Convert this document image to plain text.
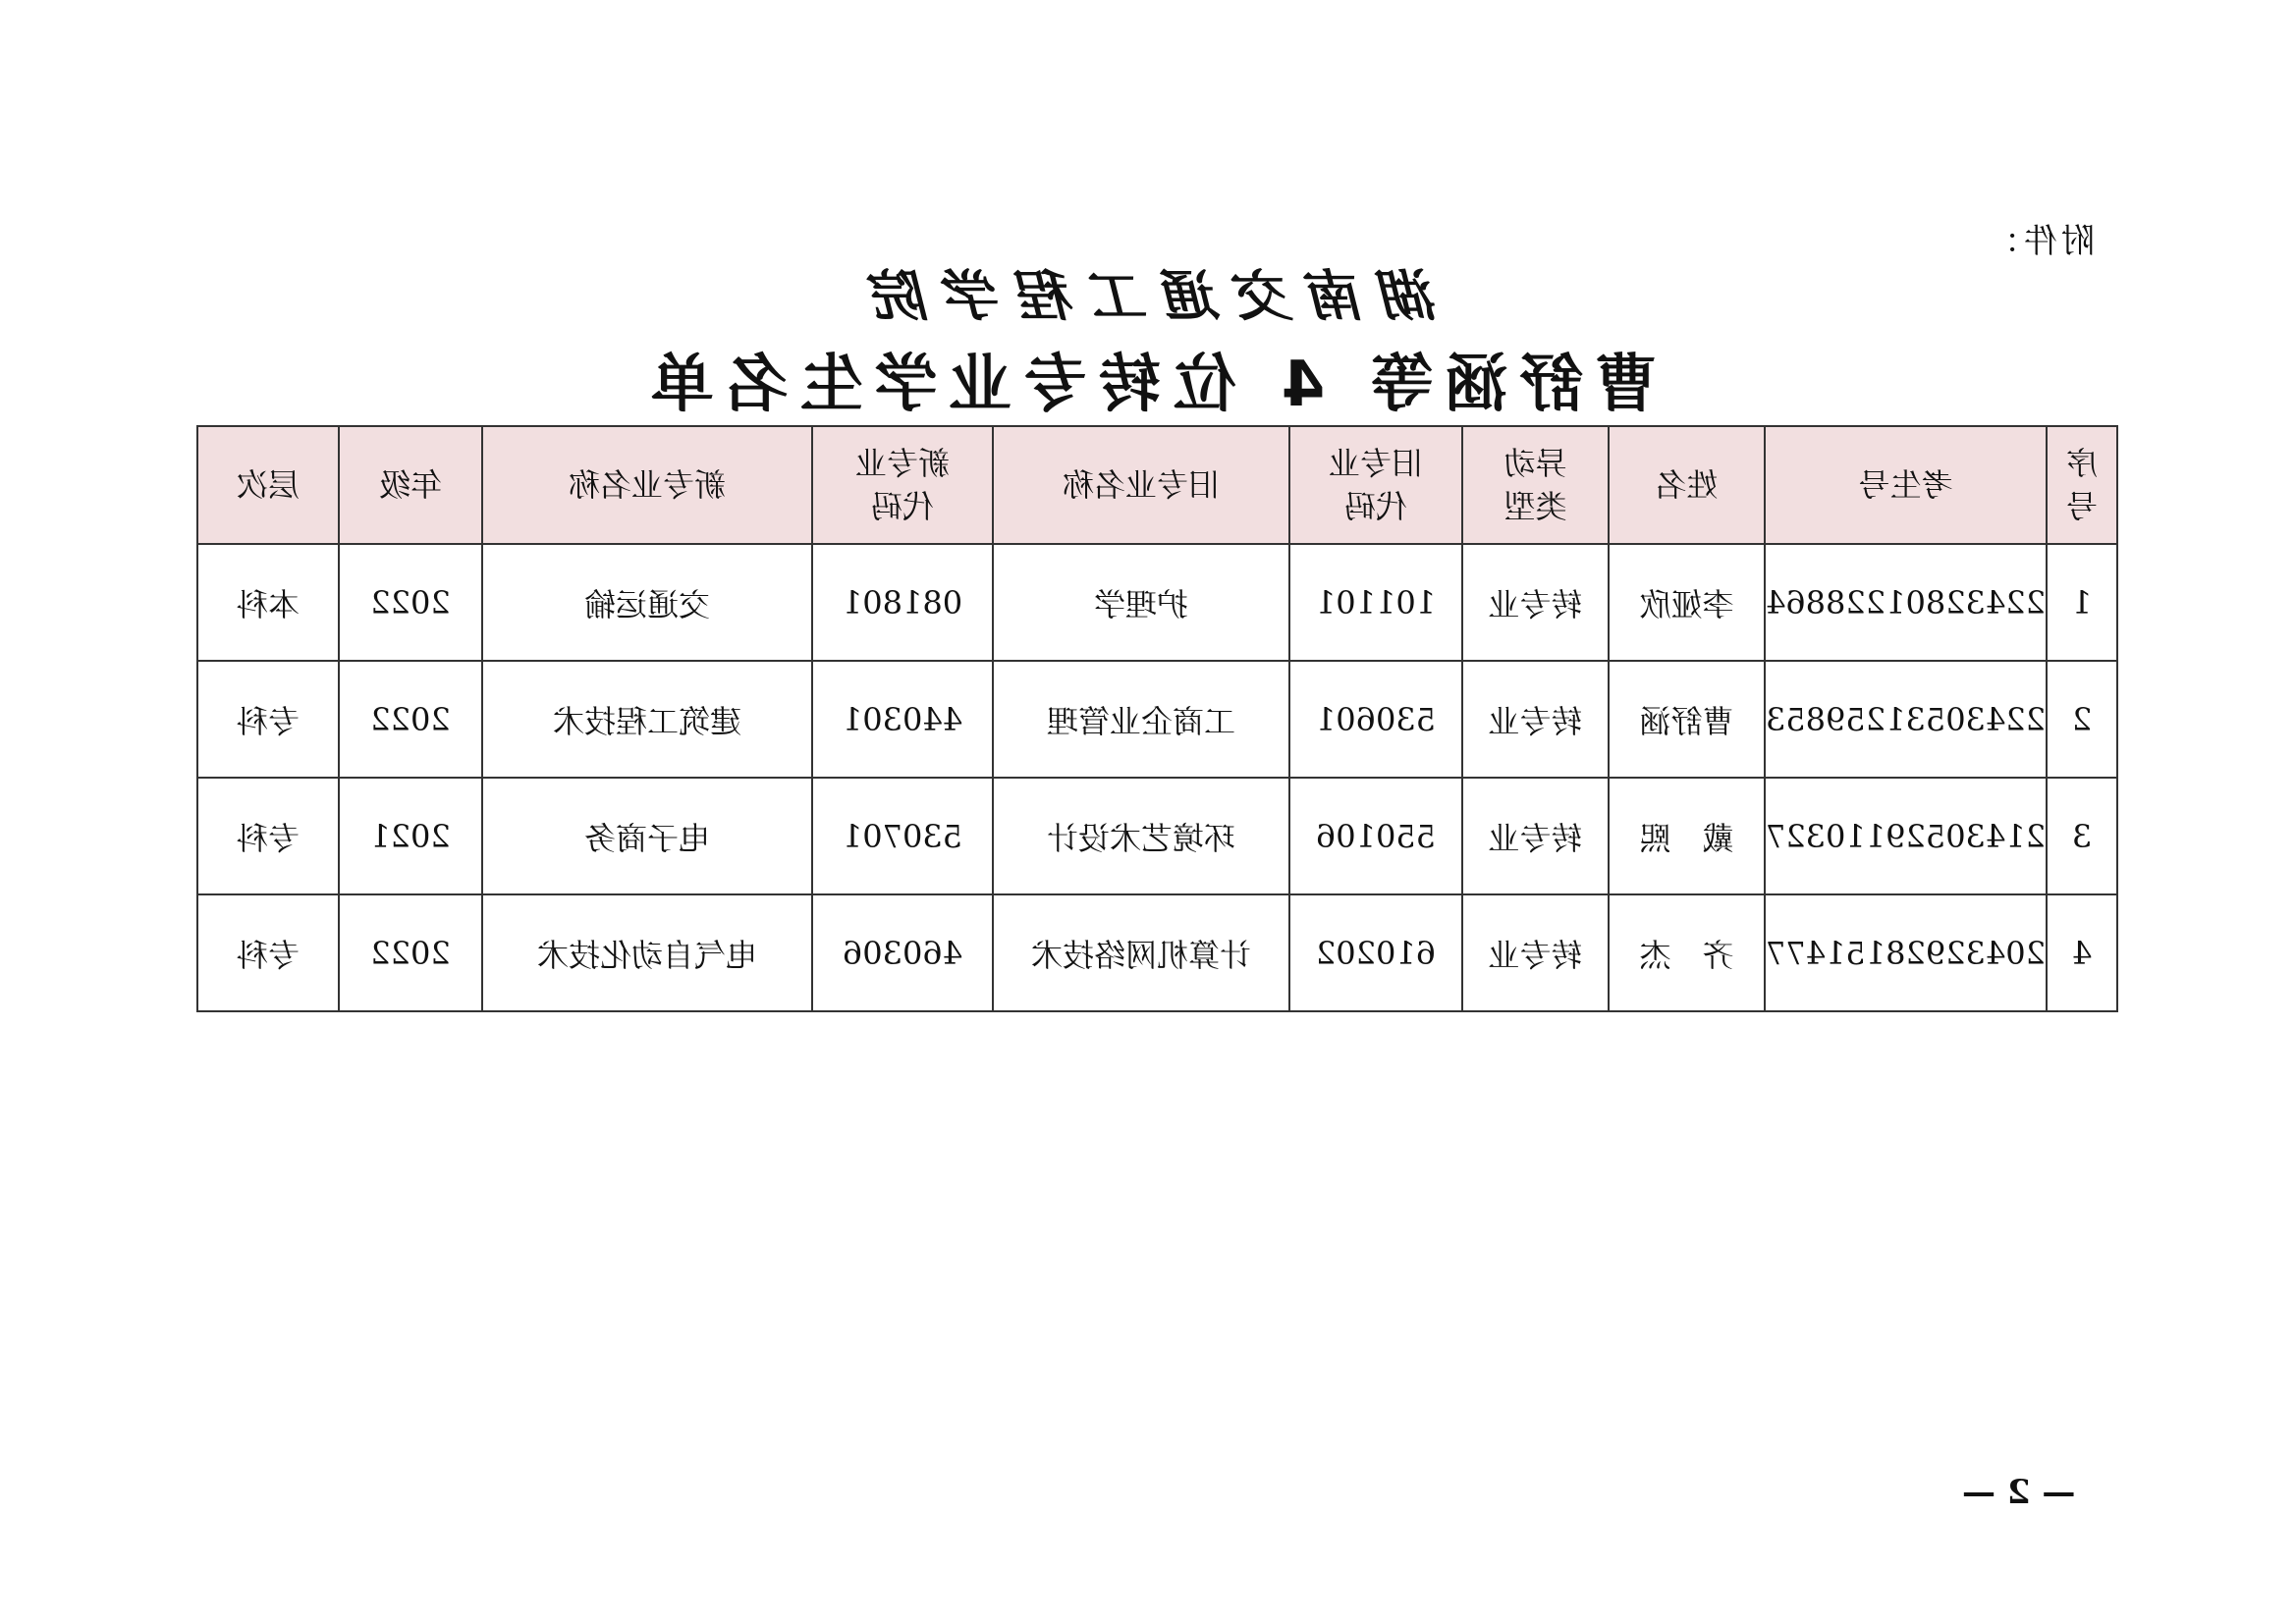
附件：
湖南交通工程学院
曹舒涵等 4 位转专业学生名单
序号	考生号	姓名	异动类型	旧专业代码	旧专业名称	新专业代码	新专业名称	年级	层次
1	22432801228864	李娅欣	转专业	101101	护理学	081801	交通运输	2022	本科
2	22430531259853	曹舒涵	转专业	530601	工商企业管理	440301	建筑工程技术	2022	专科
3	21430529110327	戴　熙	转专业	550106	环境艺术设计	530701	电子商务	2021	专科
4	20432928151477	齐　杰	转专业	610202	计算机网络技术	460306	电气自动化技术	2022	专科
— 2 —
